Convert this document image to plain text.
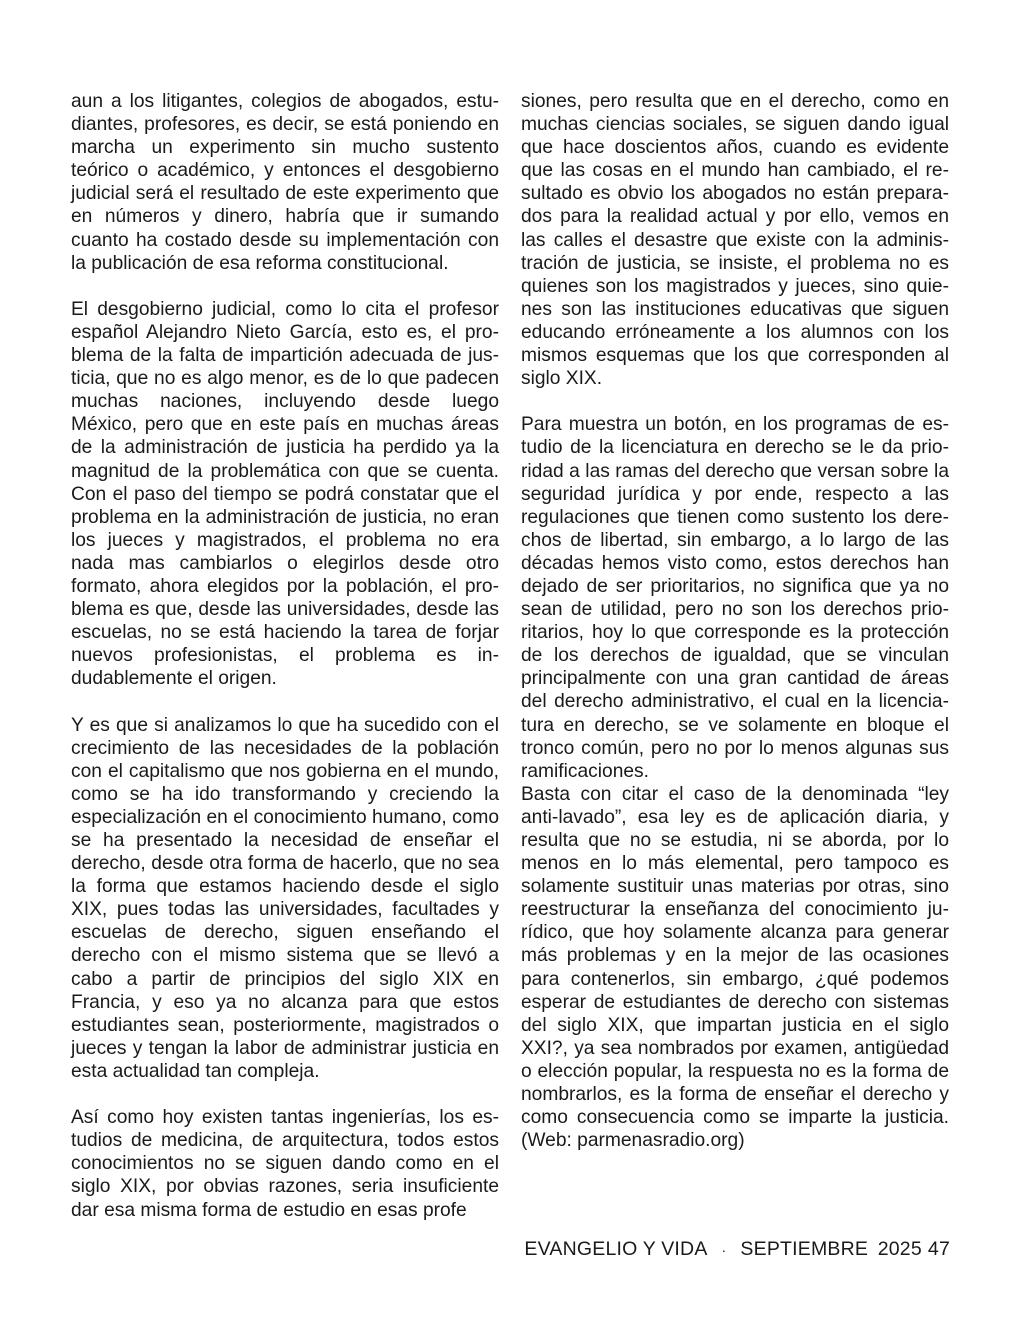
aun a los litigantes, colegios de abogados, estudiantes, profesores, es decir, se está poniendo en marcha un experimento sin mucho sustento teórico o académico, y entonces el desgobierno judicial será el resultado de este experimento que en números y dinero, habría que ir sumando cuanto ha costado desde su implementación con la publicación de esa reforma constitucional.

El desgobierno judicial, como lo cita el profesor español Alejandro Nieto García, esto es, el problema de la falta de impartición adecuada de justicia, que no es algo menor, es de lo que padecen muchas naciones, incluyendo desde luego México, pero que en este país en muchas áreas de la administración de justicia ha perdido ya la magnitud de la problemática con que se cuenta. Con el paso del tiempo se podrá constatar que el problema en la administración de justicia, no eran los jueces y magistrados, el problema no era nada mas cambiarlos o elegirlos desde otro formato, ahora elegidos por la población, el problema es que, desde las universidades, desde las escuelas, no se está haciendo la tarea de forjar nuevos profesionistas, el problema es indudablemente el origen.

Y es que si analizamos lo que ha sucedido con el crecimiento de las necesidades de la población con el capitalismo que nos gobierna en el mundo, como se ha ido transformando y creciendo la especialización en el conocimiento humano, como se ha presentado la necesidad de enseñar el derecho, desde otra forma de hacerlo, que no sea la forma que estamos haciendo desde el siglo XIX, pues todas las universidades, facultades y escuelas de derecho, siguen enseñando el derecho con el mismo sistema que se llevó a cabo a partir de principios del siglo XIX en Francia, y eso ya no alcanza para que estos estudiantes sean, posteriormente, magistrados o jueces y tengan la labor de administrar justicia en esta actualidad tan compleja.

Así como hoy existen tantas ingenierías, los estudios de medicina, de arquitectura, todos estos conocimientos no se siguen dando como en el siglo XIX, por obvias razones, seria insuficiente dar esa misma forma de estudio en esas profe

siones, pero resulta que en el derecho, como en muchas ciencias sociales, se siguen dando igual que hace doscientos años, cuando es evidente que las cosas en el mundo han cambiado, el resultado es obvio los abogados no están preparados para la realidad actual y por ello, vemos en las calles el desastre que existe con la administración de justicia, se insiste, el problema no es quienes son los magistrados y jueces, sino quienes son las instituciones educativas que siguen educando erróneamente a los alumnos con los mismos esquemas que los que corresponden al siglo XIX.

Para muestra un botón, en los programas de estudio de la licenciatura en derecho se le da prioridad a las ramas del derecho que versan sobre la seguridad jurídica y por ende, respecto a las regulaciones que tienen como sustento los derechos de libertad, sin embargo, a lo largo de las décadas hemos visto como, estos derechos han dejado de ser prioritarios, no significa que ya no sean de utilidad, pero no son los derechos prioritarios, hoy lo que corresponde es la protección de los derechos de igualdad, que se vinculan principalmente con una gran cantidad de áreas del derecho administrativo, el cual en la licenciatura en derecho, se ve solamente en bloque el tronco común, pero no por lo menos algunas sus ramificaciones.

Basta con citar el caso de la denominada “ley anti-lavado”, esa ley es de aplicación diaria, y resulta que no se estudia, ni se aborda, por lo menos en lo más elemental, pero tampoco es solamente sustituir unas materias por otras, sino reestructurar la enseñanza del conocimiento jurídico, que hoy solamente alcanza para generar más problemas y en la mejor de las ocasiones para contenerlos, sin embargo, ¿qué podemos esperar de estudiantes de derecho con sistemas del siglo XIX, que impartan justicia en el siglo XXI?, ya sea nombrados por examen, antigüedad o elección popular, la respuesta no es la forma de nombrarlos, es la forma de enseñar el derecho y como consecuencia como se imparte la justicia. (Web: parmenasradio.org)

EVANGELIO Y VIDA · SEPTIEMBRE 2025 47
